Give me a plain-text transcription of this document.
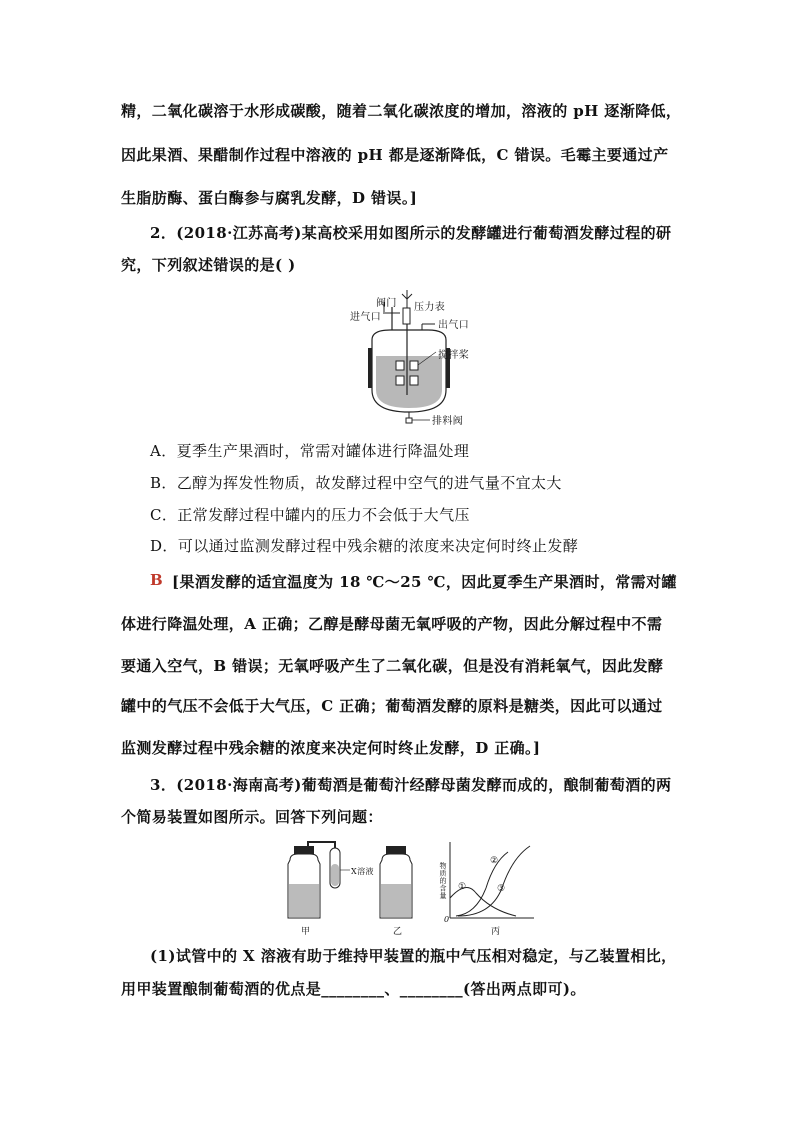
精，二氧化碳溶于水形成碳酸，随着二氧化碳浓度的增加，溶液的 pH 逐渐降低，
因此果酒、果醋制作过程中溶液的 pH 都是逐渐降低，C 错误。毛霉主要通过产
生脂肪酶、蛋白酶参与腐乳发酵，D 错误。]
2．(2018·江苏高考)某高校采用如图所示的发酵罐进行葡萄酒发酵过程的研
究，下列叙述错误的是( )
阀门 压力表
进气口
出气口
搅拌桨
排料阀
A．夏季生产果酒时，常需对罐体进行降温处理
B．乙醇为挥发性物质，故发酵过程中空气的进气量不宜太大
C．正常发酵过程中罐内的压力不会低于大气压
D．可以通过监测发酵过程中残余糖的浓度来决定何时终止发酵
B [果酒发酵的适宜温度为 18 ℃～25 ℃，因此夏季生产果酒时，常需对罐
体进行降温处理，A 正确；乙醇是酵母菌无氧呼吸的产物，因此分解过程中不需
要通入空气，B 错误；无氧呼吸产生了二氧化碳，但是没有消耗氧气，因此发酵
罐中的气压不会低于大气压，C 正确；葡萄酒发酵的原料是糖类，因此可以通过
监测发酵过程中残余糖的浓度来决定何时终止发酵，D 正确。]
3．(2018·海南高考)葡萄酒是葡萄汁经酵母菌发酵而成的，酿制葡萄酒的两
个简易装置如图所示。回答下列问题：
X溶液
甲	乙
物质的含量
0
①
②
③
丙
(1)试管中的 X 溶液有助于维持甲装置的瓶中气压相对稳定，与乙装置相比，
用甲装置酿制葡萄酒的优点是________、________(答出两点即可)。
